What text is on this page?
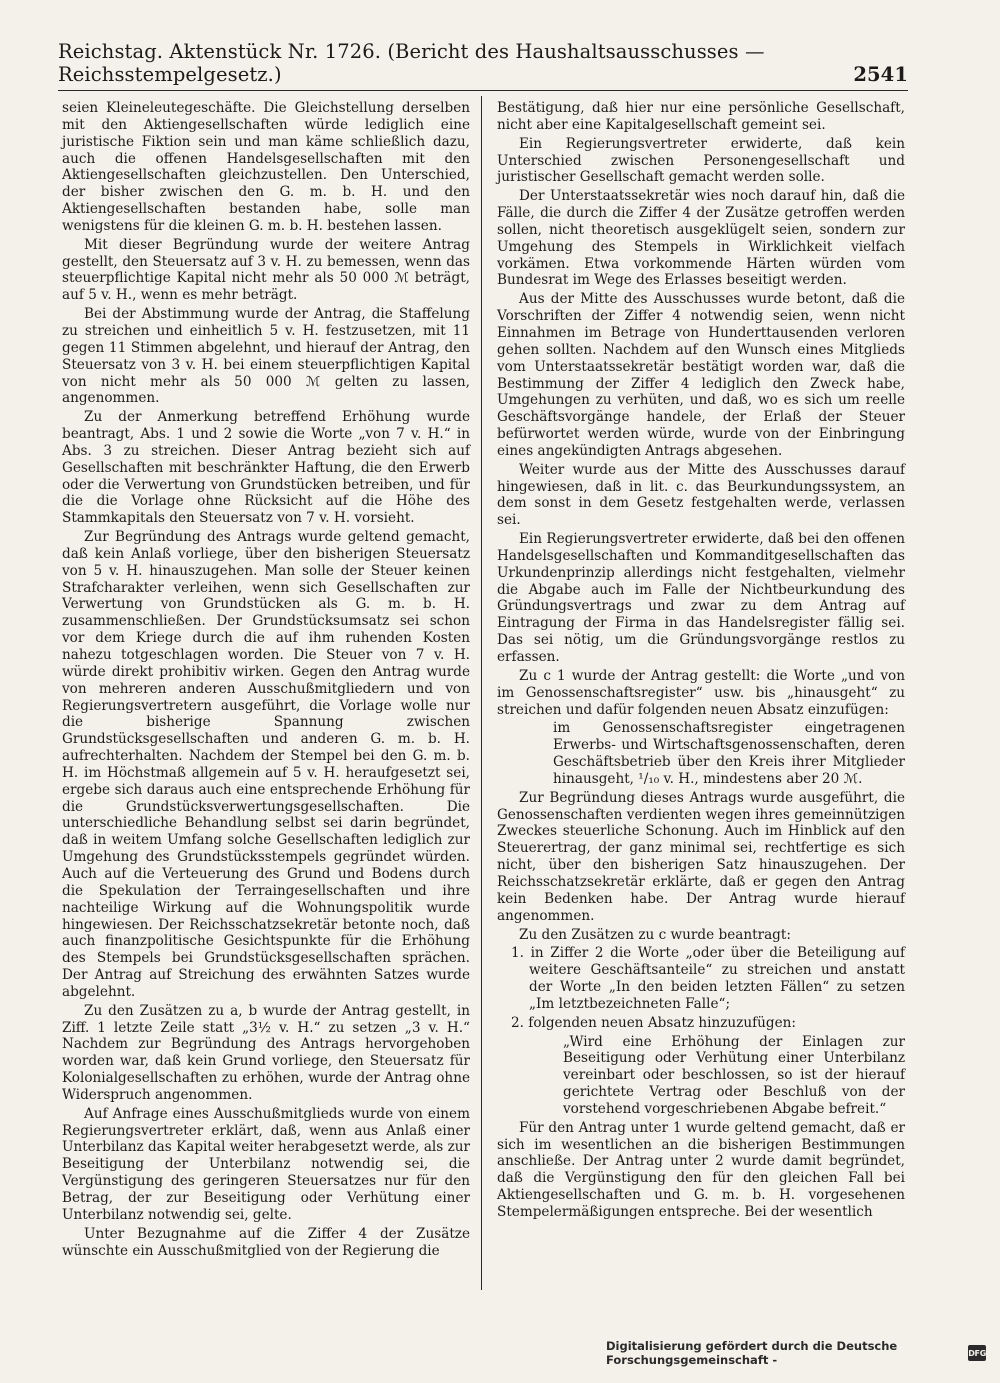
Reichstag. Aktenstück Nr. 1726. (Bericht des Haushaltsausschusses — Reichsstempelgesetz.)	2541

seien Kleineleutegeschäfte. Die Gleichstellung derselben mit den Aktiengesellschaften würde lediglich eine juristische Fiktion sein und man käme schließlich dazu, auch die offenen Handelsgesellschaften mit den Aktiengesellschaften gleichzustellen. Den Unterschied, der bisher zwischen den G. m. b. H. und den Aktiengesellschaften bestanden habe, solle man wenigstens für die kleinen G. m. b. H. bestehen lassen.

Mit dieser Begründung wurde der weitere Antrag gestellt, den Steuersatz auf 3 v. H. zu bemessen, wenn das steuerpflichtige Kapital nicht mehr als 50 000 ℳ beträgt, auf 5 v. H., wenn es mehr beträgt.

Bei der Abstimmung wurde der Antrag, die Staffelung zu streichen und einheitlich 5 v. H. festzusetzen, mit 11 gegen 11 Stimmen abgelehnt, und hierauf der Antrag, den Steuersatz von 3 v. H. bei einem steuerpflichtigen Kapital von nicht mehr als 50 000 ℳ gelten zu lassen, angenommen.

Zu der Anmerkung betreffend Erhöhung wurde beantragt, Abs. 1 und 2 sowie die Worte „von 7 v. H.“ in Abs. 3 zu streichen. Dieser Antrag bezieht sich auf Gesellschaften mit beschränkter Haftung, die den Erwerb oder die Verwertung von Grundstücken betreiben, und für die die Vorlage ohne Rücksicht auf die Höhe des Stammkapitals den Steuersatz von 7 v. H. vorsieht.

Zur Begründung des Antrags wurde geltend gemacht, daß kein Anlaß vorliege, über den bisherigen Steuersatz von 5 v. H. hinauszugehen. Man solle der Steuer keinen Strafcharakter verleihen, wenn sich Gesellschaften zur Verwertung von Grundstücken als G. m. b. H. zusammenschließen. Der Grundstücksumsatz sei schon vor dem Kriege durch die auf ihm ruhenden Kosten nahezu totgeschlagen worden. Die Steuer von 7 v. H. würde direkt prohibitiv wirken. Gegen den Antrag wurde von mehreren anderen Ausschußmitgliedern und von Regierungsvertretern ausgeführt, die Vorlage wolle nur die bisherige Spannung zwischen Grundstücksgesellschaften und anderen G. m. b. H. aufrechterhalten. Nachdem der Stempel bei den G. m. b. H. im Höchstmaß allgemein auf 5 v. H. heraufgesetzt sei, ergebe sich daraus auch eine entsprechende Erhöhung für die Grundstücksverwertungsgesellschaften. Die unterschiedliche Behandlung selbst sei darin begründet, daß in weitem Umfang solche Gesellschaften lediglich zur Umgehung des Grundstücksstempels gegründet würden. Auch auf die Verteuerung des Grund und Bodens durch die Spekulation der Terraingesellschaften und ihre nachteilige Wirkung auf die Wohnungspolitik wurde hingewiesen. Der Reichsschatzsekretär betonte noch, daß auch finanzpolitische Gesichtspunkte für die Erhöhung des Stempels bei Grundstücksgesellschaften sprächen. Der Antrag auf Streichung des erwähnten Satzes wurde abgelehnt.

Zu den Zusätzen zu a, b wurde der Antrag gestellt, in Ziff. 1 letzte Zeile statt „3½ v. H.“ zu setzen „3 v. H.“ Nachdem zur Begründung des Antrags hervorgehoben worden war, daß kein Grund vorliege, den Steuersatz für Kolonialgesellschaften zu erhöhen, wurde der Antrag ohne Widerspruch angenommen.

Auf Anfrage eines Ausschußmitglieds wurde von einem Regierungsvertreter erklärt, daß, wenn aus Anlaß einer Unterbilanz das Kapital weiter herabgesetzt werde, als zur Beseitigung der Unterbilanz notwendig sei, die Vergünstigung des geringeren Steuersatzes nur für den Betrag, der zur Beseitigung oder Verhütung einer Unterbilanz notwendig sei, gelte.

Unter Bezugnahme auf die Ziffer 4 der Zusätze wünschte ein Ausschußmitglied von der Regierung die

Bestätigung, daß hier nur eine persönliche Gesellschaft, nicht aber eine Kapitalgesellschaft gemeint sei.

Ein Regierungsvertreter erwiderte, daß kein Unterschied zwischen Personengesellschaft und juristischer Gesellschaft gemacht werden solle.

Der Unterstaatssekretär wies noch darauf hin, daß die Fälle, die durch die Ziffer 4 der Zusätze getroffen werden sollen, nicht theoretisch ausgeklügelt seien, sondern zur Umgehung des Stempels in Wirklichkeit vielfach vorkämen. Etwa vorkommende Härten würden vom Bundesrat im Wege des Erlasses beseitigt werden.

Aus der Mitte des Ausschusses wurde betont, daß die Vorschriften der Ziffer 4 notwendig seien, wenn nicht Einnahmen im Betrage von Hunderttausenden verloren gehen sollten. Nachdem auf den Wunsch eines Mitglieds vom Unterstaatssekretär bestätigt worden war, daß die Bestimmung der Ziffer 4 lediglich den Zweck habe, Umgehungen zu verhüten, und daß, wo es sich um reelle Geschäftsvorgänge handele, der Erlaß der Steuer befürwortet werden würde, wurde von der Einbringung eines angekündigten Antrags abgesehen.

Weiter wurde aus der Mitte des Ausschusses darauf hingewiesen, daß in lit. c. das Beurkundungssystem, an dem sonst in dem Gesetz festgehalten werde, verlassen sei.

Ein Regierungsvertreter erwiderte, daß bei den offenen Handelsgesellschaften und Kommanditgesellschaften das Urkundenprinzip allerdings nicht festgehalten, vielmehr die Abgabe auch im Falle der Nichtbeurkundung des Gründungsvertrags und zwar zu dem Antrag auf Eintragung der Firma in das Handelsregister fällig sei. Das sei nötig, um die Gründungsvorgänge restlos zu erfassen.

Zu c 1 wurde der Antrag gestellt: die Worte „und von im Genossenschaftsregister“ usw. bis „hinausgeht“ zu streichen und dafür folgenden neuen Absatz einzufügen:

im Genossenschaftsregister eingetragenen Erwerbs- und Wirtschaftsgenossenschaften, deren Geschäftsbetrieb über den Kreis ihrer Mitglieder hinausgeht, ¹/₁₀ v. H., mindestens aber 20 ℳ.

Zur Begründung dieses Antrags wurde ausgeführt, die Genossenschaften verdienten wegen ihres gemeinnützigen Zweckes steuerliche Schonung. Auch im Hinblick auf den Steuerertrag, der ganz minimal sei, rechtfertige es sich nicht, über den bisherigen Satz hinauszugehen. Der Reichsschatzsekretär erklärte, daß er gegen den Antrag kein Bedenken habe. Der Antrag wurde hierauf angenommen.

Zu den Zusätzen zu c wurde beantragt:

1. in Ziffer 2 die Worte „oder über die Beteiligung auf weitere Geschäftsanteile“ zu streichen und anstatt der Worte „In den beiden letzten Fällen“ zu setzen „Im letztbezeichneten Falle“;

2. folgenden neuen Absatz hinzuzufügen:

„Wird eine Erhöhung der Einlagen zur Beseitigung oder Verhütung einer Unterbilanz vereinbart oder beschlossen, so ist der hierauf gerichtete Vertrag oder Beschluß von der vorstehend vorgeschriebenen Abgabe befreit.“

Für den Antrag unter 1 wurde geltend gemacht, daß er sich im wesentlichen an die bisherigen Bestimmungen anschließe. Der Antrag unter 2 wurde damit begründet, daß die Vergünstigung den für den gleichen Fall bei Aktiengesellschaften und G. m. b. H. vorgesehenen Stempelermäßigungen entspreche. Bei der wesentlich

Digitalisierung gefördert durch die Deutsche Forschungsgemeinschaft -	DFG
